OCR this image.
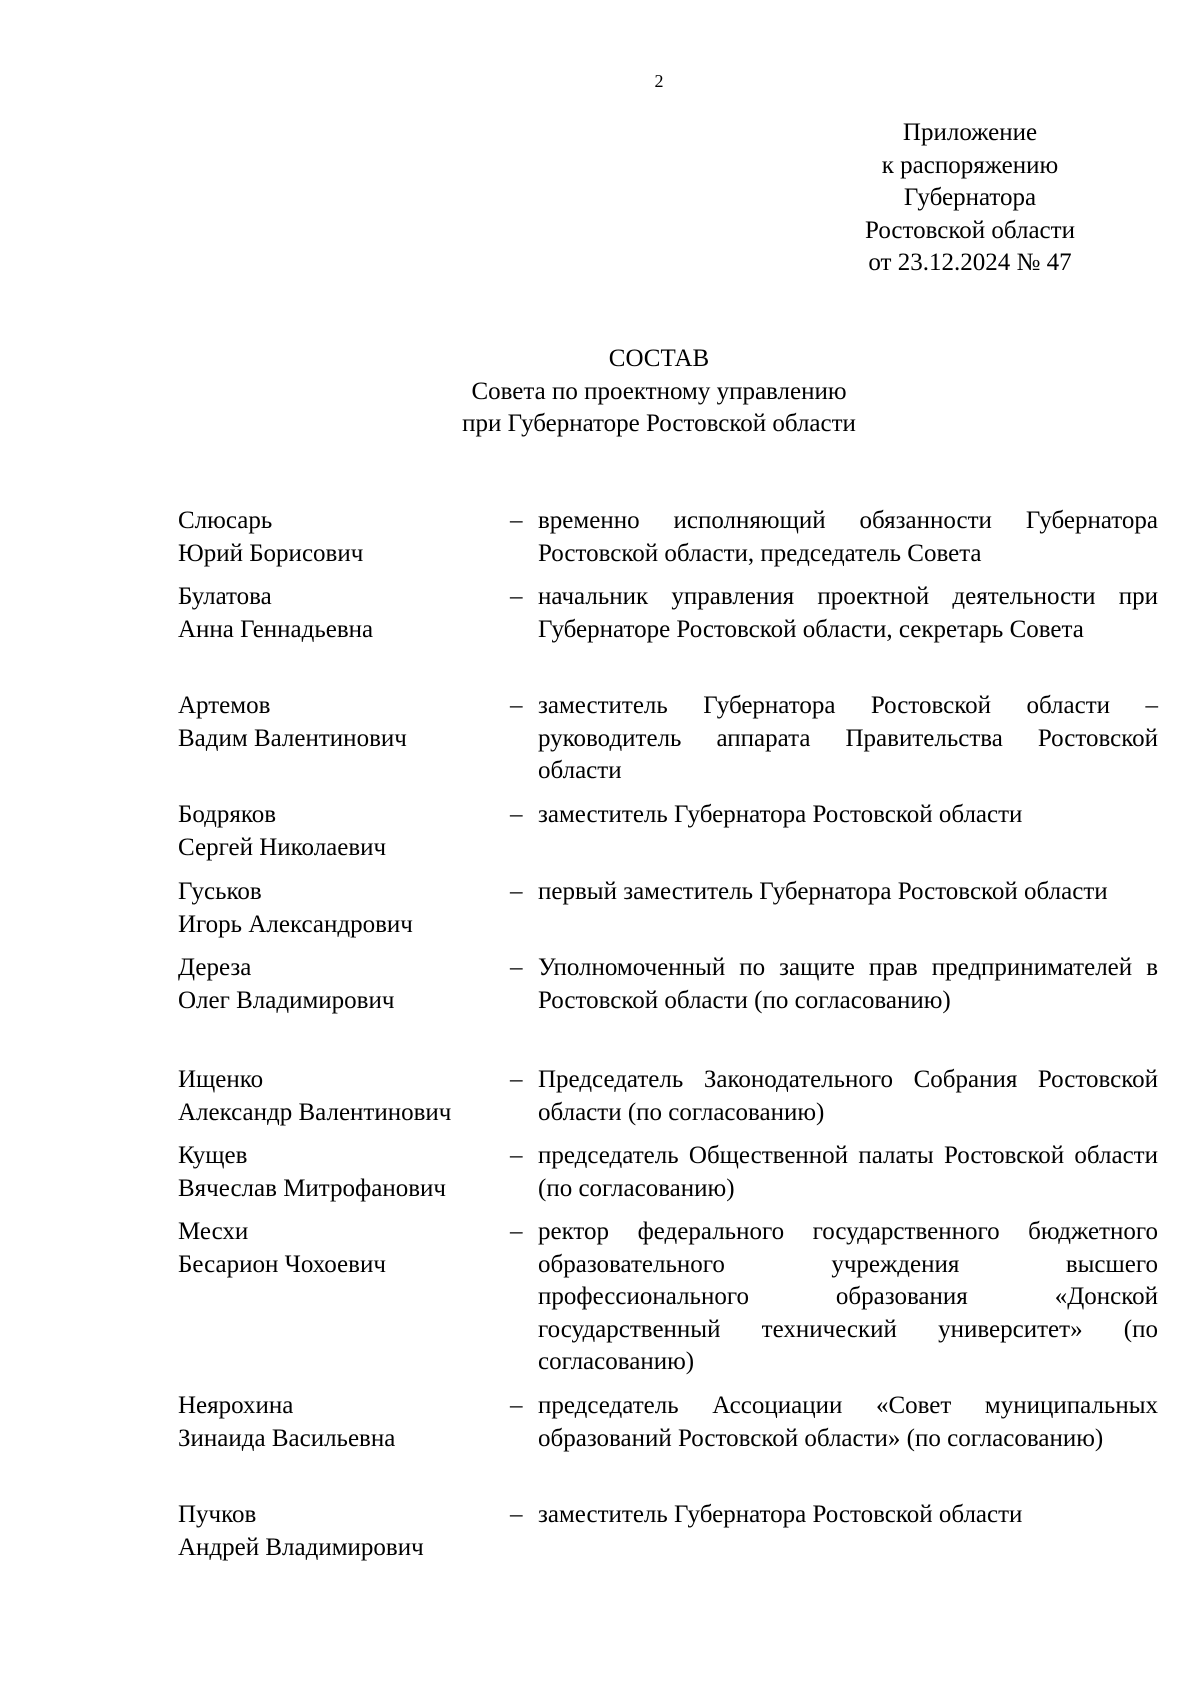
2
Приложение
к распоряжению
Губернатора
Ростовской области
от 23.12.2024 № 47
СОСТАВ
Совета по проектному управлению
при Губернаторе Ростовской области
Слюсарь
Юрий Борисович
– временно исполняющий обязанности Губернатора Ростовской области, председатель Совета
Булатова
Анна Геннадьевна
– начальник управления проектной деятельности при Губернаторе Ростовской области, секретарь Совета
Артемов
Вадим Валентинович
– заместитель Губернатора Ростовской области – руководитель аппарата Правительства Ростовской области
Бодряков
Сергей Николаевич
– заместитель Губернатора Ростовской области
Гуськов
Игорь Александрович
– первый заместитель Губернатора Ростовской области
Дереза
Олег Владимирович
– Уполномоченный по защите прав предпринимателей в Ростовской области (по согласованию)
Ищенко
Александр Валентинович
– Председатель Законодательного Собрания Ростовской области (по согласованию)
Кущев
Вячеслав Митрофанович
– председатель Общественной палаты Ростовской области (по согласованию)
Месхи
Бесарион Чохоевич
– ректор федерального государственного бюджетного образовательного учреждения высшего профессионального образования «Донской государственный технический университет» (по согласованию)
Неярохина
Зинаида Васильевна
– председатель Ассоциации «Совет муниципальных образований Ростовской области» (по согласованию)
Пучков
Андрей Владимирович
– заместитель Губернатора Ростовской области
